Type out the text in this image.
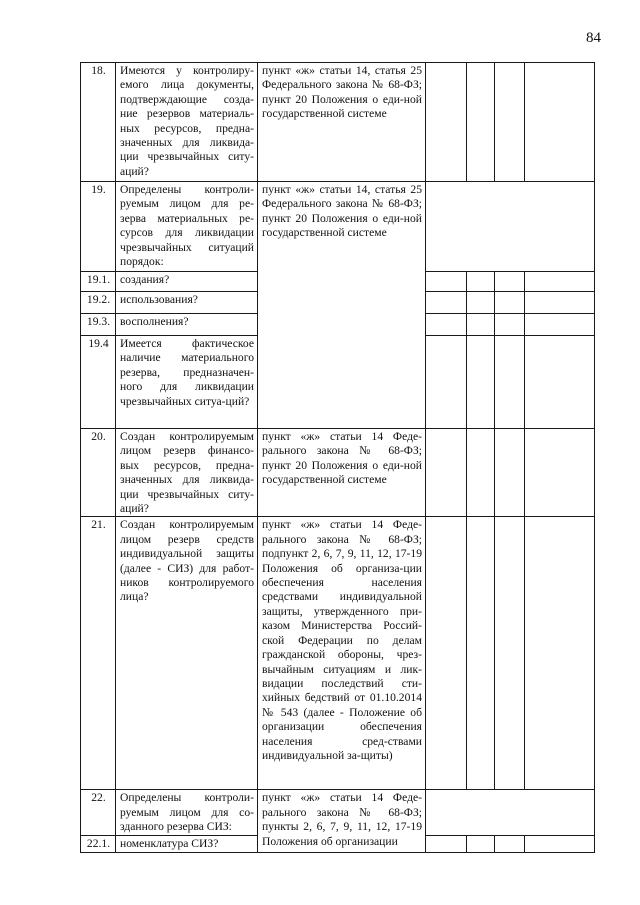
84
18.	Имеются у контролиру-емого лица документы, подтверждающие созда-ние резервов материаль-ных ресурсов, предна-значенных для ликвида-ции чрезвычайных ситу-аций?	пункт «ж» статьи 14, статья 25 Федерального закона № 68-ФЗ; пункт 20 Положения о еди-ной государственной системе				
19.	Определены контроли-руемым лицом для ре-зерва материальных ре-сурсов для ликвидации чрезвычайных ситуаций порядок:	пункт «ж» статьи 14, статья 25 Федерального закона № 68-ФЗ; пункт 20 Положения о еди-ной государственной системе				
19.1.	создания?					
19.2.	использования?					
19.3.	восполнения?					
19.4	Имеется фактическое наличие материального резерва, предназначен-ного для ликвидации чрезвычайных ситуа-ций?					
20.	Создан контролируемым лицом резерв финансо-вых ресурсов, предна-значенных для ликвида-ции чрезвычайных ситу-аций?	пункт «ж» статьи 14 Феде-рального закона № 68-ФЗ; пункт 20 Положения о еди-ной государственной системе				
21.	Создан контролируемым лицом резерв средств индивидуальной защиты (далее - СИЗ) для работ-ников контролируемого лица?	пункт «ж» статьи 14 Феде-рального закона № 68-ФЗ; подпункт 2, 6, 7, 9, 11, 12, 17-19 Положения об организа-ции обеспечения населения средствами индивидуальной защиты, утвержденного при-казом Министерства Россий-ской Федерации по делам гражданской обороны, чрез-вычайным ситуациям и лик-видации последствий сти-хийных бедствий от 01.10.2014 № 543 (далее - Положение об организации обеспечения населения сред-ствами индивидуальной за-щиты)				
22.	Определены контроли-руемым лицом для со-зданного резерва СИЗ:	пункт «ж» статьи 14 Феде-рального закона № 68-ФЗ; пункты 2, 6, 7, 9, 11, 12, 17-19 Положения об организации				
22.1.	номенклатура СИЗ?					
